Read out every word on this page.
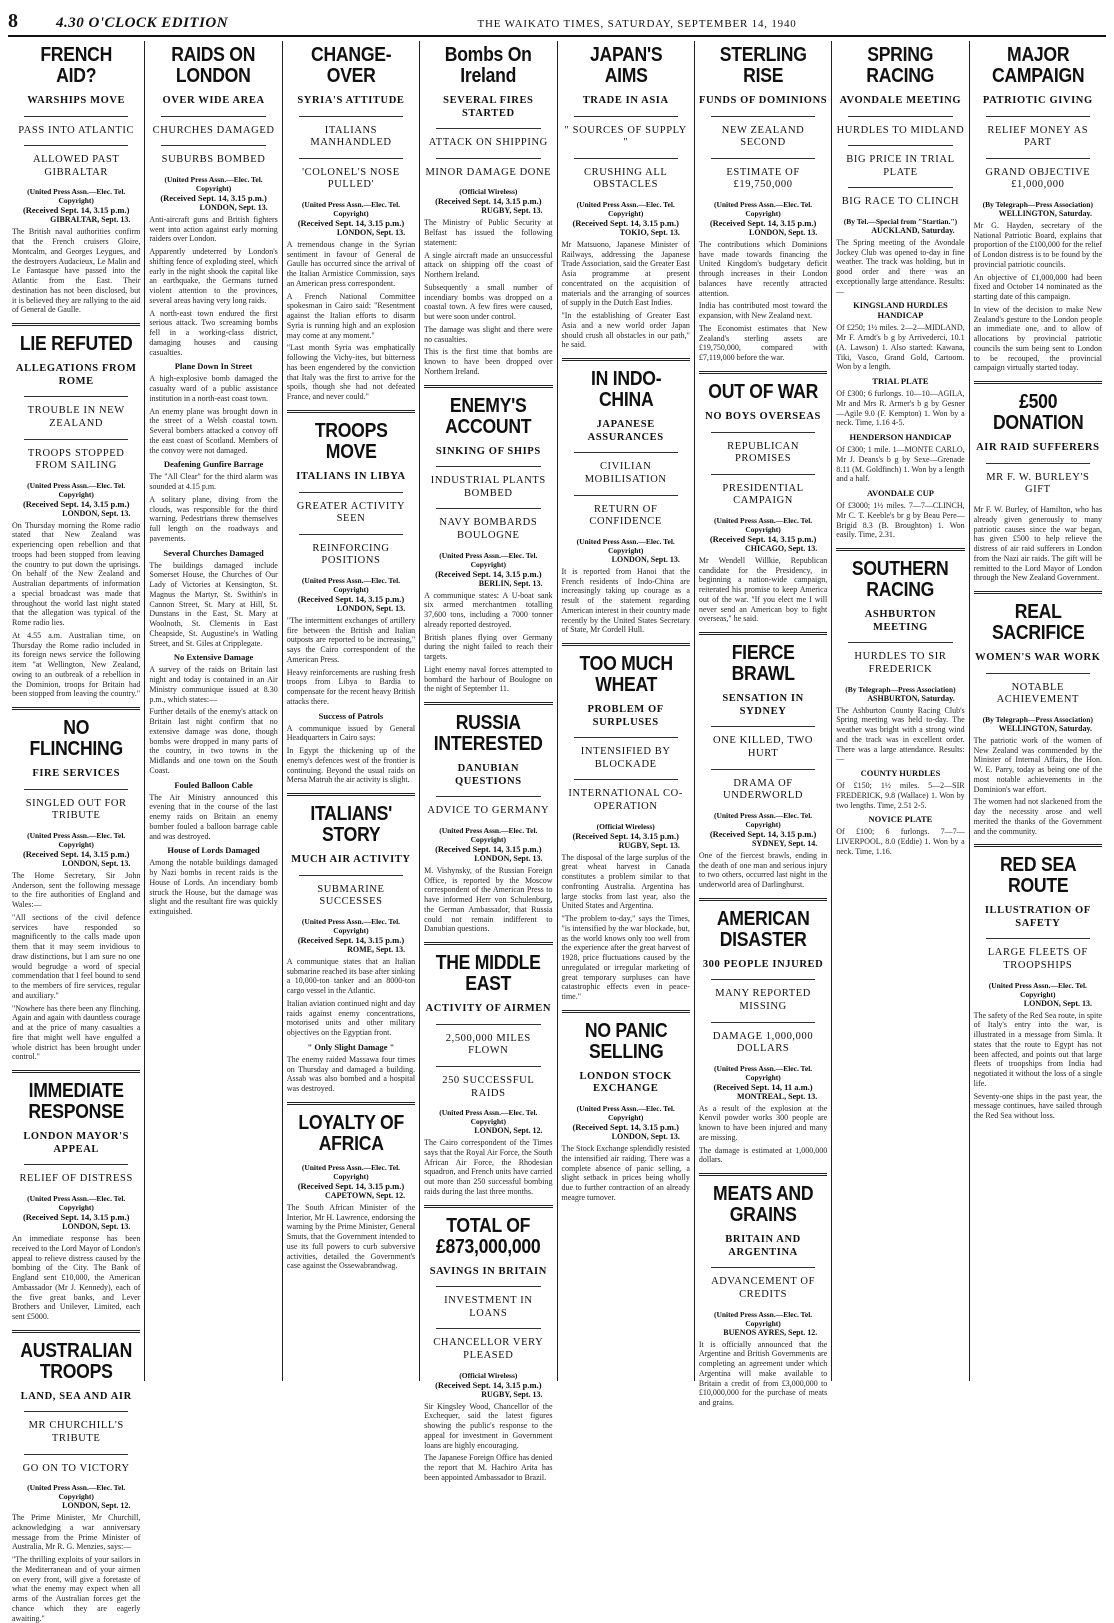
8	4.30 O'CLOCK EDITION	THE WAIKATO TIMES, SATURDAY, SEPTEMBER 14, 1940
FRENCH AID?
WARSHIPS MOVE
PASS INTO ATLANTIC
ALLOWED PAST GIBRALTAR
(United Press Assn.—Elec. Tel. Copyright)
(Received Sept. 14, 3.15 p.m.)
GIBRALTAR, Sept. 13.

The British naval authorities confirm that the French cruisers Gloire, Montcalm, and Georges Leygues, and the destroyers Audacieux, Le Malin and Le Fantasque have passed into the Atlantic from the East. Their destination has not been disclosed, but it is believed they are rallying to the aid of General de Gaulle.

LIE REFUTED
ALLEGATIONS FROM ROME
TROUBLE IN NEW ZEALAND
TROOPS STOPPED FROM SAILING
(United Press Assn.—Elec. Tel. Copyright)
(Received Sept. 14, 3.15 p.m.)
LONDON, Sept. 13.

On Thursday morning the Rome radio stated that New Zealand was experiencing open rebellion and that troops had been stopped from leaving the country to put down the uprisings. On behalf of the New Zealand and Australian departments of information a special broadcast was made that throughout the world last night stated that the allegation was typical of the Rome radio lies.

At 4.55 a.m. Australian time, on Thursday the Rome radio included in its foreign news service the following item "at Wellington, New Zealand, owing to an outbreak of a rebellion in the Dominion, troops for Britain had been stopped from leaving the country."

NO FLINCHING
FIRE SERVICES
SINGLED OUT FOR TRIBUTE
(United Press Assn.—Elec. Tel. Copyright)
(Received Sept. 14, 3.15 p.m.)
LONDON, Sept. 13.

The Home Secretary, Sir John Anderson, sent the following message to the fire authorities of England and Wales:—

"All sections of the civil defence services have responded so magnificently to the calls made upon them that it may seem invidious to draw distinctions, but I am sure no one would begrudge a word of special commendation that I feel bound to send to the members of fire services, regular and auxiliary."

"Nowhere has there been any flinching. Again and again with dauntless courage and at the price of many casualties a fire that might well have engulfed a whole district has been brought under control."

IMMEDIATE RESPONSE
LONDON MAYOR'S APPEAL
RELIEF OF DISTRESS
(United Press Assn.—Elec. Tel. Copyright)
(Received Sept. 14, 3.15 p.m.)
LONDON, Sept. 13.

An immediate response has been received to the Lord Mayor of London's appeal to relieve distress caused by the bombing of the City. The Bank of England sent £10,000, the American Ambassador (Mr J. Kennedy), each of the five great banks, and Lever Brothers and Unilever, Limited, each sent £5000.

AUSTRALIAN TROOPS
LAND, SEA AND AIR
MR CHURCHILL'S TRIBUTE
GO ON TO VICTORY
(United Press Assn.—Elec. Tel. Copyright)
LONDON, Sept. 12.

The Prime Minister, Mr Churchill, acknowledging a war anniversary message from the Prime Minister of Australia, Mr R. G. Menzies, says:—

"The thrilling exploits of your sailors in the Mediterranean and of your airmen on every front, will give a foretaste of what the enemy may expect when all arms of the Australian forces get the chance which they are eagerly awaiting."

RAIDS ON LONDON
OVER WIDE AREA
CHURCHES DAMAGED
SUBURBS BOMBED
(United Press Assn.—Elec. Tel. Copyright)
(Received Sept. 14, 3.15 p.m.)
LONDON, Sept. 13.

Anti-aircraft guns and British fighters went into action against early morning raiders over London.

Apparently undeterred by London's shifting fence of exploding steel, which early in the night shook the capital like an earthquake, the Germans turned violent attention to the provinces, several areas having very long raids.

A north-east town endured the first serious attack. Two screaming bombs fell in a working-class district, damaging houses and causing casualties.

Plane Down In Street

A high-explosive bomb damaged the casualty ward of a public assistance institution in a north-east coast town.

An enemy plane was brought down in the street of a Welsh coastal town. Several bombers attacked a convoy off the east coast of Scotland. Members of the convoy were not damaged.

Deafening Gunfire Barrage

The "All Clear" for the third alarm was sounded at 4.15 p.m.

A solitary plane, diving from the clouds, was responsible for the third warning. Pedestrians threw themselves full length on the roadways and pavements.

Several Churches Damaged

The buildings damaged include Somerset House, the Churches of Our Lady of Victories at Kensington, St. Magnus the Martyr, St. Swithin's in Cannon Street, St. Mary at Hill, St. Dunstans in the East, St. Mary at Woolnoth, St. Clements in East Cheapside, St. Augustine's in Watling Street, and St. Giles at Cripplegate.

No Extensive Damage

A survey of the raids on Britain last night and today is contained in an Air Ministry communique issued at 8.30 p.m., which states:—

Further details of the enemy's attack on Britain last night confirm that no extensive damage was done, though bombs were dropped in many parts of the country, in two towns in the Midlands and one town on the South Coast.

Fouled Balloon Cable

The Air Ministry announced this evening that in the course of the last enemy raids on Britain an enemy bomber fouled a balloon barrage cable and was destroyed.

House of Lords Damaged

Among the notable buildings damaged by Nazi bombs in recent raids is the House of Lords. An incendiary bomb struck the House, but the damage was slight and the resultant fire was quickly extinguished.

CHANGE-OVER
SYRIA'S ATTITUDE
ITALIANS MANHANDLED
'COLONEL'S NOSE PULLED'
(United Press Assn.—Elec. Tel. Copyright)
(Received Sept. 14, 3.15 p.m.)
LONDON, Sept. 13.

A tremendous change in the Syrian sentiment in favour of General de Gaulle has occurred since the arrival of the Italian Armistice Commission, says an American press correspondent.

A French National Committee spokesman in Cairo said: "Resentment against the Italian efforts to disarm Syria is running high and an explosion may come at any moment."

"Last month Syria was emphatically following the Vichy-ites, but bitterness has been engendered by the conviction that Italy was the first to arrive for the spoils, though she had not defeated France, and never could."

TROOPS MOVE
ITALIANS IN LIBYA
GREATER ACTIVITY SEEN
REINFORCING POSITIONS
(United Press Assn.—Elec. Tel. Copyright)
(Received Sept. 14, 3.15 p.m.)
LONDON, Sept. 13.

"The intermittent exchanges of artillery fire between the British and Italian outposts are reported to be increasing," says the Cairo correspondent of the American Press.

Heavy reinforcements are rushing fresh troops from Libya to Bardia to compensate for the recent heavy British attacks there.

Success of Patrols

A communique issued by General Headquarters in Cairo says:

In Egypt the thickening up of the enemy's defences west of the frontier is continuing. Beyond the usual raids on Mersa Matruh the air activity is slight.

ITALIANS' STORY
MUCH AIR ACTIVITY
SUBMARINE SUCCESSES
(United Press Assn.—Elec. Tel. Copyright)
(Received Sept. 14, 3.15 p.m.)
ROME, Sept. 13.

A communique states that an Italian submarine reached its base after sinking a 10,000-ton tanker and an 8000-ton cargo vessel in the Atlantic.

Italian aviation continued night and day raids against enemy concentrations, motorised units and other military objectives on the Egyptian front.

" Only Slight Damage "

The enemy raided Massawa four times on Thursday and damaged a building. Assab was also bombed and a hospital was destroyed.

LOYALTY OF AFRICA
(United Press Assn.—Elec. Tel. Copyright)
(Received Sept. 14, 3.15 p.m.)
CAPETOWN, Sept. 12.

The South African Minister of the Interior, Mr H. Lawrence, endorsing the warning by the Prime Minister, General Smuts, that the Government intended to use its full powers to curb subversive activities, detailed the Government's case against the Ossewabrandwag.

Bombs On Ireland
SEVERAL FIRES STARTED
ATTACK ON SHIPPING
MINOR DAMAGE DONE
(Official Wireless)
(Received Sept. 14, 3.15 p.m.)
RUGBY, Sept. 13.

The Ministry of Public Security at Belfast has issued the following statement:

A single aircraft made an unsuccessful attack on shipping off the coast of Northern Ireland.

Subsequently a small number of incendiary bombs was dropped on a coastal town. A few fires were caused, but were soon under control.

The damage was slight and there were no casualties.

This is the first time that bombs are known to have been dropped over Northern Ireland.

ENEMY'S ACCOUNT
SINKING OF SHIPS
INDUSTRIAL PLANTS BOMBED
NAVY BOMBARDS BOULOGNE
(United Press Assn.—Elec. Tel. Copyright)
(Received Sept. 14, 3.15 p.m.)
BERLIN, Sept. 13.

A communique states: A U-boat sank six armed merchantmen totalling 37,600 tons, including a 7000 tonner already reported destroyed.

British planes flying over Germany during the night failed to reach their targets.

Light enemy naval forces attempted to bombard the harbour of Boulogne on the night of September 11.

RUSSIA INTERESTED
DANUBIAN QUESTIONS
ADVICE TO GERMANY
(United Press Assn.—Elec. Tel. Copyright)
(Received Sept. 14, 3.15 p.m.)
LONDON, Sept. 13.

M. Vishynsky, of the Russian Foreign Office, is reported by the Moscow correspondent of the American Press to have informed Herr von Schulenburg, the German Ambassador, that Russia could not remain indifferent to Danubian questions.

THE MIDDLE EAST
ACTIVITY OF AIRMEN
2,500,000 MILES FLOWN
250 SUCCESSFUL RAIDS
(United Press Assn.—Elec. Tel. Copyright)
LONDON, Sept. 12.

The Cairo correspondent of the Times says that the Royal Air Force, the South African Air Force, the Rhodesian squadron, and French units have carried out more than 250 successful bombing raids during the last three months.

TOTAL OF £873,000,000
SAVINGS IN BRITAIN
INVESTMENT IN LOANS
CHANCELLOR VERY PLEASED
(Official Wireless)
(Received Sept. 14, 3.15 p.m.)
RUGBY, Sept. 13.

Sir Kingsley Wood, Chancellor of the Exchequer, said the latest figures showing the public's response to the appeal for investment in Government loans are highly encouraging.

The Japanese Foreign Office has denied the report that M. Hachiro Arita has been appointed Ambassador to Brazil.

JAPAN'S AIMS
TRADE IN ASIA
" SOURCES OF SUPPLY "
CRUSHING ALL OBSTACLES
(United Press Assn.—Elec. Tel. Copyright)
(Received Sept. 14, 3.15 p.m.)
TOKIO, Sept. 13.

Mr Matsuono, Japanese Minister of Railways, addressing the Japanese Trade Association, said the Greater East Asia programme at present concentrated on the acquisition of materials and the arranging of sources of supply in the Dutch East Indies.

"In the establishing of Greater East Asia and a new world order Japan should crush all obstacles in our path," he said.

IN INDO-CHINA
JAPANESE ASSURANCES
CIVILIAN MOBILISATION
RETURN OF CONFIDENCE
(United Press Assn.—Elec. Tel. Copyright)
LONDON, Sept. 13.

It is reported from Hanoi that the French residents of Indo-China are increasingly taking up courage as a result of the statement regarding American interest in their country made recently by the United States Secretary of State, Mr Cordell Hull.

TOO MUCH WHEAT
PROBLEM OF SURPLUSES
INTENSIFIED BY BLOCKADE
INTERNATIONAL CO-OPERATION
(Official Wireless)
(Received Sept. 14, 3.15 p.m.)
RUGBY, Sept. 13.

The disposal of the large surplus of the great wheat harvest in Canada constitutes a problem similar to that confronting Australia. Argentina has large stocks from last year, also the United States and Argentina.

"The problem to-day," says the Times, "is intensified by the war blockade, but, as the world knows only too well from the experience after the great harvest of 1928, price fluctuations caused by the unregulated or irregular marketing of great temporary surpluses can have catastrophic effects even in peace-time."

NO PANIC SELLING
LONDON STOCK EXCHANGE
(United Press Assn.—Elec. Tel. Copyright)
(Received Sept. 14, 3.15 p.m.)
LONDON, Sept. 13.

The Stock Exchange splendidly resisted the intensified air raiding. There was a complete absence of panic selling, a slight setback in prices being wholly due to further contraction of an already meagre turnover.

STERLING RISE
FUNDS OF DOMINIONS
NEW ZEALAND SECOND
ESTIMATE OF £19,750,000
(United Press Assn.—Elec. Tel. Copyright)
(Received Sept. 14, 3.15 p.m.)
LONDON, Sept. 13.

The contributions which Dominions have made towards financing the United Kingdom's budgetary deficit through increases in their London balances have recently attracted attention.

India has contributed most toward the expansion, with New Zealand next.

The Economist estimates that New Zealand's sterling assets are £19,750,000, compared with £7,119,000 before the war.

OUT OF WAR
NO BOYS OVERSEAS
REPUBLICAN PROMISES
PRESIDENTIAL CAMPAIGN
(United Press Assn.—Elec. Tel. Copyright)
(Received Sept. 14, 3.15 p.m.)
CHICAGO, Sept. 13.

Mr Wendell Willkie, Republican candidate for the Presidency, in beginning a nation-wide campaign, reiterated his promise to keep America out of the war. "If you elect me I will never send an American boy to fight overseas," he said.

FIERCE BRAWL
SENSATION IN SYDNEY
ONE KILLED, TWO HURT
DRAMA OF UNDERWORLD
(United Press Assn.—Elec. Tel. Copyright)
(Received Sept. 14, 3.15 p.m.)
SYDNEY, Sept. 14.

One of the fiercest brawls, ending in the death of one man and serious injury to two others, occurred last night in the underworld area of Darlinghurst.

AMERICAN DISASTER
300 PEOPLE INJURED
MANY REPORTED MISSING
DAMAGE 1,000,000 DOLLARS
(United Press Assn.—Elec. Tel. Copyright)
(Received Sept. 14, 11 a.m.)
MONTREAL, Sept. 13.

As a result of the explosion at the Kenvil powder works 300 people are known to have been injured and many are missing.

The damage is estimated at 1,000,000 dollars.

MEATS AND GRAINS
BRITAIN AND ARGENTINA
ADVANCEMENT OF CREDITS
(United Press Assn.—Elec. Tel. Copyright)
BUENOS AYRES, Sept. 12.

It is officially announced that the Argentine and British Governments are completing an agreement under which Argentina will make available to Britain a credit of from £3,000,000 to £10,000,000 for the purchase of meats and grains.

SPRING RACING
AVONDALE MEETING
HURDLES TO MIDLAND
BIG PRICE IN TRIAL PLATE
BIG RACE TO CLINCH
(By Tel.—Special from "Startian.")
AUCKLAND, Saturday.

The Spring meeting of the Avondale Jockey Club was opened to-day in fine weather. The track was holding, but in good order and there was an exceptionally large attendance. Results:—

KINGSLAND HURDLES HANDICAP

Of £250; 1½ miles. 2—2—MIDLAND, Mr F. Arndt's b g by Arrivederci, 10.1 (A. Lawson) 1. Also started: Kawana, Tiki, Vasco, Grand Gold, Cartoom. Won by a length.

TRIAL PLATE

Of £300; 6 furlongs. 10—10—AGILA, Mr and Mrs R. Armer's b g by Gesner—Agile 9.0 (F. Kempton) 1. Won by a neck. Time, 1.16 4-5.

HENDERSON HANDICAP

Of £300; 1 mile. 1—MONTE CARLO, Mr J. Deans's b g by Sexe—Grenade 8.11 (M. Goldfinch) 1. Won by a length and a half.

AVONDALE CUP

Of £3000; 1½ miles. 7—7—CLINCH, Mr C. T. Keeble's br g by Beau Pere—Brigid 8.3 (B. Broughton) 1. Won easily. Time, 2.31.

SOUTHERN RACING
ASHBURTON MEETING
HURDLES TO SIR FREDERICK
(By Telegraph—Press Association)
ASHBURTON, Saturday.

The Ashburton County Racing Club's Spring meeting was held to-day. The weather was bright with a strong wind and the track was in excellent order. There was a large attendance. Results:—

COUNTY HURDLES

Of £150; 1½ miles. 5—2—SIR FREDERICK, 9.8 (Wallace) 1. Won by two lengths. Time, 2.51 2-5.

NOVICE PLATE

Of £100; 6 furlongs. 7—7—LIVERPOOL, 8.0 (Eddie) 1. Won by a neck. Time, 1.16.

MAJOR CAMPAIGN
PATRIOTIC GIVING
RELIEF MONEY AS PART
GRAND OBJECTIVE £1,000,000
(By Telegraph—Press Association)
WELLINGTON, Saturday.

Mr G. Hayden, secretary of the National Patriotic Board, explains that proportion of the £100,000 for the relief of London distress is to be found by the provincial patriotic councils.

An objective of £1,000,000 had been fixed and October 14 nominated as the starting date of this campaign.

In view of the decision to make New Zealand's gesture to the London people an immediate one, and to allow of allocations by provincial patriotic councils the sum being sent to London to be recouped, the provincial campaign virtually started today.

£500 DONATION
AIR RAID SUFFERERS
MR F. W. BURLEY'S GIFT

Mr F. W. Burley, of Hamilton, who has already given generously to many patriotic causes since the war began, has given £500 to help relieve the distress of air raid sufferers in London from the Nazi air raids. The gift will be remitted to the Lord Mayor of London through the New Zealand Government.

REAL SACRIFICE
WOMEN'S WAR WORK
NOTABLE ACHIEVEMENT
(By Telegraph—Press Association)
WELLINGTON, Saturday.

The patriotic work of the women of New Zealand was commended by the Minister of Internal Affairs, the Hon. W. E. Parry, today as being one of the most notable achievements in the Dominion's war effort.

The women had not slackened from the day the necessity arose and well merited the thanks of the Government and the community.

RED SEA ROUTE
ILLUSTRATION OF SAFETY
LARGE FLEETS OF TROOPSHIPS
(United Press Assn.—Elec. Tel. Copyright)
LONDON, Sept. 13.

The safety of the Red Sea route, in spite of Italy's entry into the war, is illustrated in a message from Simla. It states that the route to Egypt has not been affected, and points out that large fleets of troopships from India had negotiated it without the loss of a single life.

Seventy-one ships in the past year, the message continues, have sailed through the Red Sea without loss.
